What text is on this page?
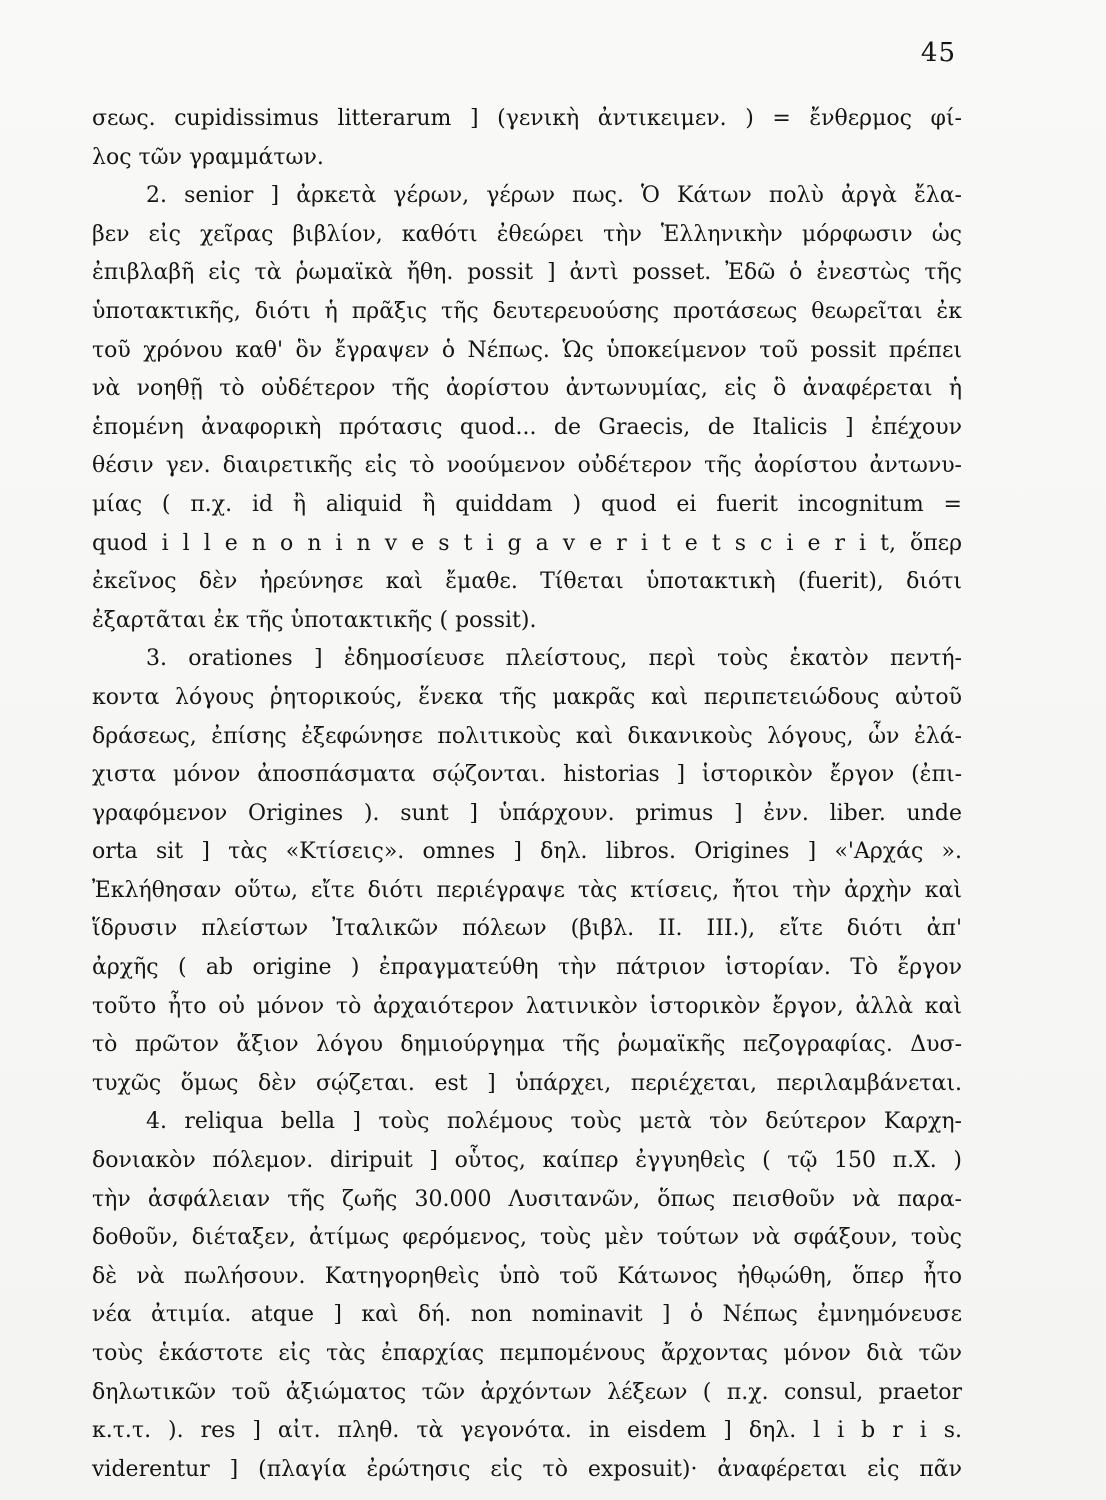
45
σεως. cupidissimus litterarum ] (γενικὴ ἀντικειμεν. ) = ἔνθερμος φί-
λος τῶν γραμμάτων.
2. senior ] ἀρκετὰ γέρων, γέρων πως. Ὁ Κάτων πολὺ ἀργὰ ἔλα-
βεν εἰς χεῖρας βιβλίον, καθότι ἐθεώρει τὴν Ἑλληνικὴν μόρφωσιν ὡς
ἐπιβλαβῆ εἰς τὰ ῥωμαϊκὰ ἤθη. possit ] ἀντὶ posset. Ἐδῶ ὁ ἐνεστὼς τῆς
ὑποτακτικῆς, διότι ἡ πρᾶξις τῆς δευτερευούσης προτάσεως θεωρεῖται ἐκ
τοῦ χρόνου καθ' ὃν ἔγραψεν ὁ Νέπως. Ὡς ὑποκείμενον τοῦ possit πρέπει
νὰ νοηθῇ τὸ οὐδέτερον τῆς ἀορίστου ἀντωνυμίας, εἰς ὃ ἀναφέρεται ἡ
ἑπομένη ἀναφορικὴ πρότασις quod... de Graecis, de Italicis ] ἐπέχουν
θέσιν γεν. διαιρετικῆς εἰς τὸ νοούμενον οὐδέτερον τῆς ἀορίστου ἀντωνυ-
μίας ( π.χ. id ἢ aliquid ἢ quiddam ) quod ei fuerit incognitum =
quod i l l e n o n i n v e s t i g a v e r i t e t s c i e r i t, ὅπερ
ἐκεῖνος δὲν ἠρεύνησε καὶ ἔμαθε. Τίθεται ὑποτακτικὴ (fuerit), διότι
ἐξαρτᾶται ἐκ τῆς ὑποτακτικῆς ( possit).
3. orationes ] ἐδημοσίευσε πλείστους, περὶ τοὺς ἑκατὸν πεντή-
κοντα λόγους ῥητορικούς, ἕνεκα τῆς μακρᾶς καὶ περιπετειώδους αὐτοῦ
δράσεως, ἐπίσης ἐξεφώνησε πολιτικοὺς καὶ δικανικοὺς λόγους, ὧν ἐλά-
χιστα μόνον ἀποσπάσματα σῴζονται. historias ] ἱστορικὸν ἔργον (ἐπι-
γραφόμενον Origines ). sunt ] ὑπάρχουν. primus ] ἐνν. liber. unde
orta sit ] τὰς «Κτίσεις». omnes ] δηλ. libros. Origines ] «'Αρχάς ».
Ἐκλήθησαν οὕτω, εἴτε διότι περιέγραψε τὰς κτίσεις, ἤτοι τὴν ἀρχὴν καὶ
ἵδρυσιν πλείστων Ἰταλικῶν πόλεων (βιβλ. II. III.), εἴτε διότι ἀπ'
ἀρχῆς ( ab origine ) ἐπραγματεύθη τὴν πάτριον ἱστορίαν. Τὸ ἔργον
τοῦτο ἦτο οὐ μόνον τὸ ἀρχαιότερον λατινικὸν ἱστορικὸν ἔργον, ἀλλὰ καὶ
τὸ πρῶτον ἄξιον λόγου δημιούργημα τῆς ῥωμαϊκῆς πεζογραφίας. Δυσ-
τυχῶς ὅμως δὲν σῴζεται. est ] ὑπάρχει, περιέχεται, περιλαμβάνεται.
4. reliqua bella ] τοὺς πολέμους τοὺς μετὰ τὸν δεύτερον Καρχη-
δονιακὸν πόλεμον. diripuit ] οὗτος, καίπερ ἐγγυηθεὶς ( τῷ 150 π.Χ. )
τὴν ἀσφάλειαν τῆς ζωῆς 30.000 Λυσιτανῶν, ὅπως πεισθοῦν νὰ παρα-
δοθοῦν, διέταξεν, ἀτίμως φερόμενος, τοὺς μὲν τούτων νὰ σφάξουν, τοὺς
δὲ νὰ πωλήσουν. Κατηγορηθεὶς ὑπὸ τοῦ Κάτωνος ἠθῳώθη, ὅπερ ἦτο
νέα ἀτιμία. atque ] καὶ δή. non nominavit ] ὁ Νέπως ἐμνημόνευσε
τοὺς ἑκάστοτε εἰς τὰς ἐπαρχίας πεμπομένους ἄρχοντας μόνον διὰ τῶν
δηλωτικῶν τοῦ ἀξιώματος τῶν ἀρχόντων λέξεων ( π.χ. consul, praetor
κ.τ.τ. ). res ] αἰτ. πληθ. τὰ γεγονότα. in eisdem ] δηλ. l i b r i s.
viderentur ] (πλαγία ἐρώτησις εἰς τὸ exposuit)· ἀναφέρεται εἰς πᾶν
